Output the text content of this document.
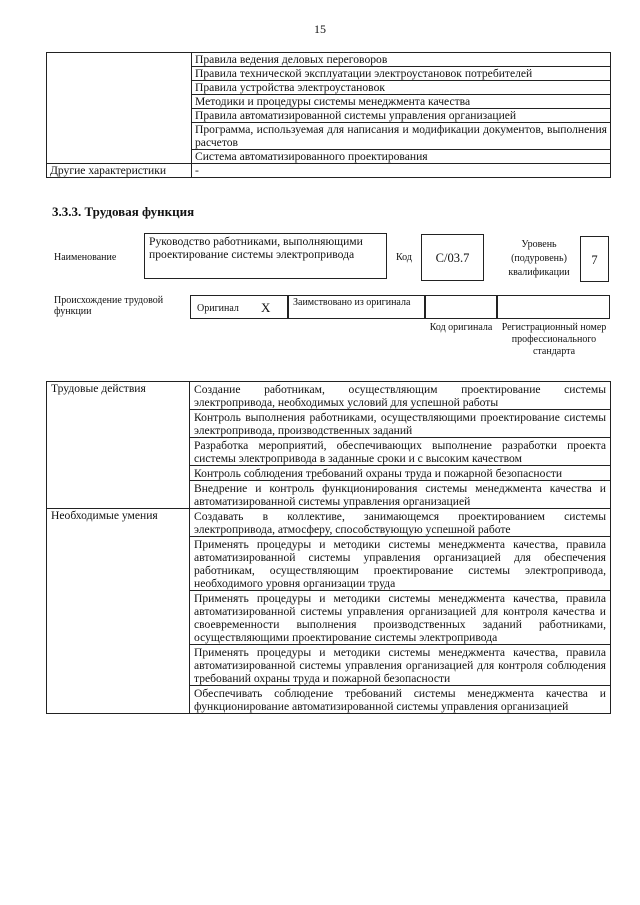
15
	Правила ведения деловых переговоров
	Правила технической эксплуатации электроустановок потребителей
	Правила устройства электроустановок
	Методики и процедуры системы менеджмента качества
	Правила автоматизированной системы управления организацией
	Программа, используемая для написания и модификации документов, выполнения расчетов
	Система автоматизированного проектирования
Другие характеристики	-
3.3.3. Трудовая функция
Наименование
Руководство работниками, выполняющими проектирование системы электропривода	Код	C/03.7
Уровень (подуровень) квалификации
7
Происхождение трудовой функции	Оригинал X	Заимствовано из оригинала
Код оригинала Регистрационный номер профессионального стандарта
Трудовые действия	Создание работникам, осуществляющим проектирование системы электропривода, необходимых условий для успешной работы
	Контроль выполнения работниками, осуществляющими проектирование системы электропривода, производственных заданий
	Разработка мероприятий, обеспечивающих выполнение разработки проекта системы электропривода в заданные сроки и с высоким качеством
	Контроль соблюдения требований охраны труда и пожарной безопасности
	Внедрение и контроль функционирования системы менеджмента качества и автоматизированной системы управления организацией
Необходимые умения	Создавать в коллективе, занимающемся проектированием системы электропривода, атмосферу, способствующую успешной работе
	Применять процедуры и методики системы менеджмента качества, правила автоматизированной системы управления организацией для обеспечения работникам, осуществляющим проектирование системы электропривода, необходимого уровня организации труда
	Применять процедуры и методики системы менеджмента качества, правила автоматизированной системы управления организацией для контроля качества и своевременности выполнения производственных заданий работниками, осуществляющими проектирование системы электропривода
	Применять процедуры и методики системы менеджмента качества, правила автоматизированной системы управления организацией для контроля соблюдения требований охраны труда и пожарной безопасности
	Обеспечивать соблюдение требований системы менеджмента качества и функционирование автоматизированной системы управления организацией
